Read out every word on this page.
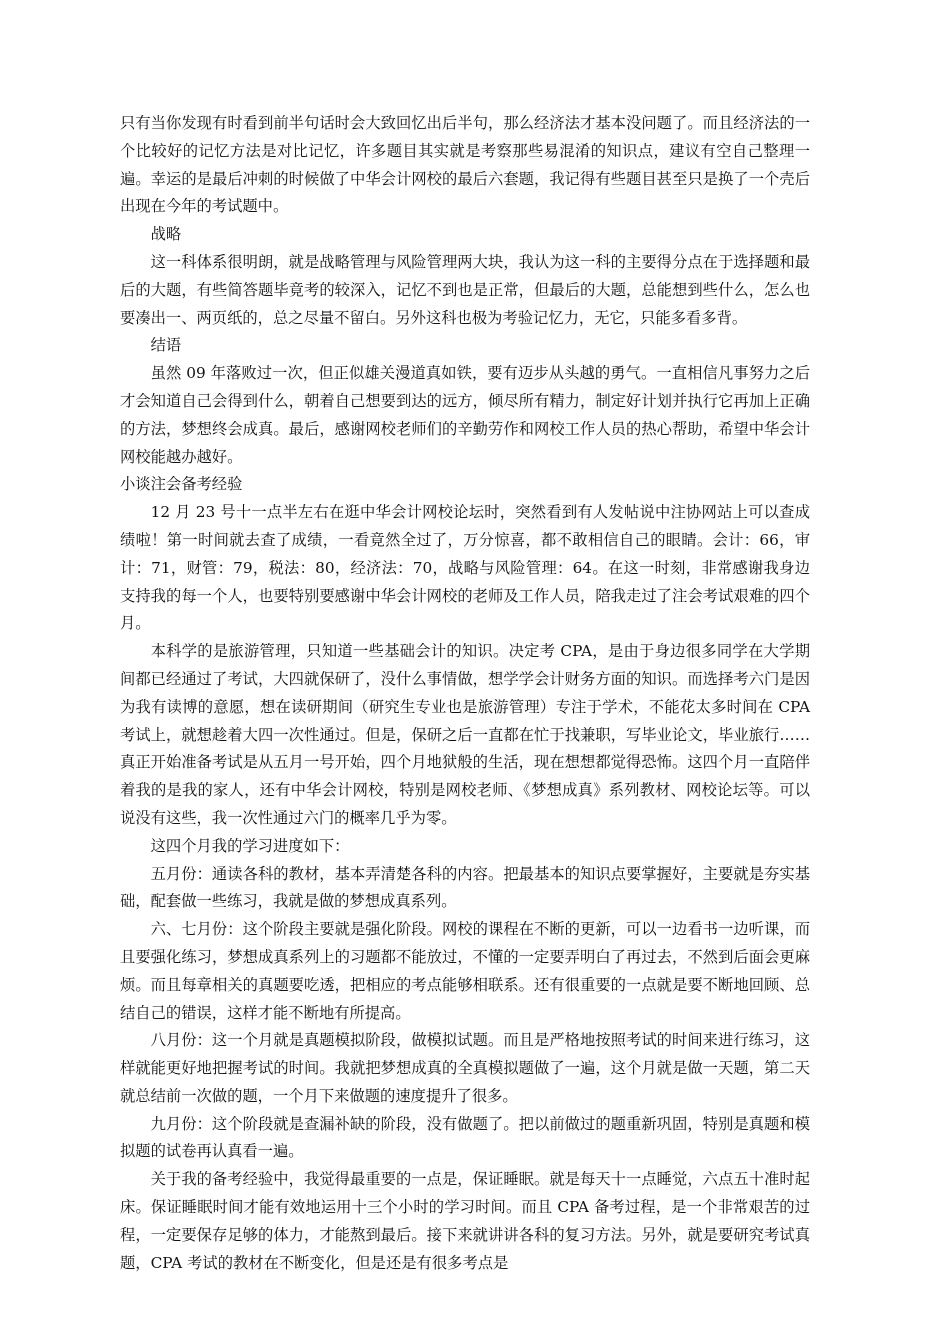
只有当你发现有时看到前半句话时会大致回忆出后半句，那么经济法才基本没问题了。而且经济法的一个比较好的记忆方法是对比记忆，许多题目其实就是考察那些易混淆的知识点，建议有空自己整理一遍。幸运的是最后冲刺的时候做了中华会计网校的最后六套题，我记得有些题目甚至只是换了一个壳后出现在今年的考试题中。

战略

这一科体系很明朗，就是战略管理与风险管理两大块，我认为这一科的主要得分点在于选择题和最后的大题，有些简答题毕竟考的较深入，记忆不到也是正常，但最后的大题，总能想到些什么，怎么也要凑出一、两页纸的，总之尽量不留白。另外这科也极为考验记忆力，无它，只能多看多背。

结语

虽然 09 年落败过一次，但正似雄关漫道真如铁，要有迈步从头越的勇气。一直相信凡事努力之后才会知道自己会得到什么，朝着自己想要到达的远方，倾尽所有精力，制定好计划并执行它再加上正确的方法，梦想终会成真。最后，感谢网校老师们的辛勤劳作和网校工作人员的热心帮助，希望中华会计网校能越办越好。

小谈注会备考经验

12 月 23 号十一点半左右在逛中华会计网校论坛时，突然看到有人发帖说中注协网站上可以查成绩啦！第一时间就去查了成绩，一看竟然全过了，万分惊喜，都不敢相信自己的眼睛。会计：66，审计：71，财管：79，税法：80，经济法：70，战略与风险管理：64。在这一时刻，非常感谢我身边支持我的每一个人，也要特别要感谢中华会计网校的老师及工作人员，陪我走过了注会考试艰难的四个月。

本科学的是旅游管理，只知道一些基础会计的知识。决定考 CPA，是由于身边很多同学在大学期间都已经通过了考试，大四就保研了，没什么事情做，想学学会计财务方面的知识。而选择考六门是因为我有读博的意愿，想在读研期间（研究生专业也是旅游管理）专注于学术，不能花太多时间在 CPA 考试上，就想趁着大四一次性通过。但是，保研之后一直都在忙于找兼职，写毕业论文，毕业旅行……真正开始准备考试是从五月一号开始，四个月地狱般的生活，现在想想都觉得恐怖。这四个月一直陪伴着我的是我的家人，还有中华会计网校，特别是网校老师、《梦想成真》系列教材、网校论坛等。可以说没有这些，我一次性通过六门的概率几乎为零。

这四个月我的学习进度如下：

五月份：通读各科的教材，基本弄清楚各科的内容。把最基本的知识点要掌握好，主要就是夯实基础，配套做一些练习，我就是做的梦想成真系列。

六、七月份：这个阶段主要就是强化阶段。网校的课程在不断的更新，可以一边看书一边听课，而且要强化练习，梦想成真系列上的习题都不能放过，不懂的一定要弄明白了再过去，不然到后面会更麻烦。而且每章相关的真题要吃透，把相应的考点能够相联系。还有很重要的一点就是要不断地回顾、总结自己的错误，这样才能不断地有所提高。

八月份：这一个月就是真题模拟阶段，做模拟试题。而且是严格地按照考试的时间来进行练习，这样就能更好地把握考试的时间。我就把梦想成真的全真模拟题做了一遍，这个月就是做一天题，第二天就总结前一次做的题，一个月下来做题的速度提升了很多。

九月份：这个阶段就是查漏补缺的阶段，没有做题了。把以前做过的题重新巩固，特别是真题和模拟题的试卷再认真看一遍。

关于我的备考经验中，我觉得最重要的一点是，保证睡眠。就是每天十一点睡觉，六点五十准时起床。保证睡眠时间才能有效地运用十三个小时的学习时间。而且 CPA 备考过程，是一个非常艰苦的过程，一定要保存足够的体力，才能熬到最后。接下来就讲讲各科的复习方法。另外，就是要研究考试真题，CPA 考试的教材在不断变化，但是还是有很多考点是
